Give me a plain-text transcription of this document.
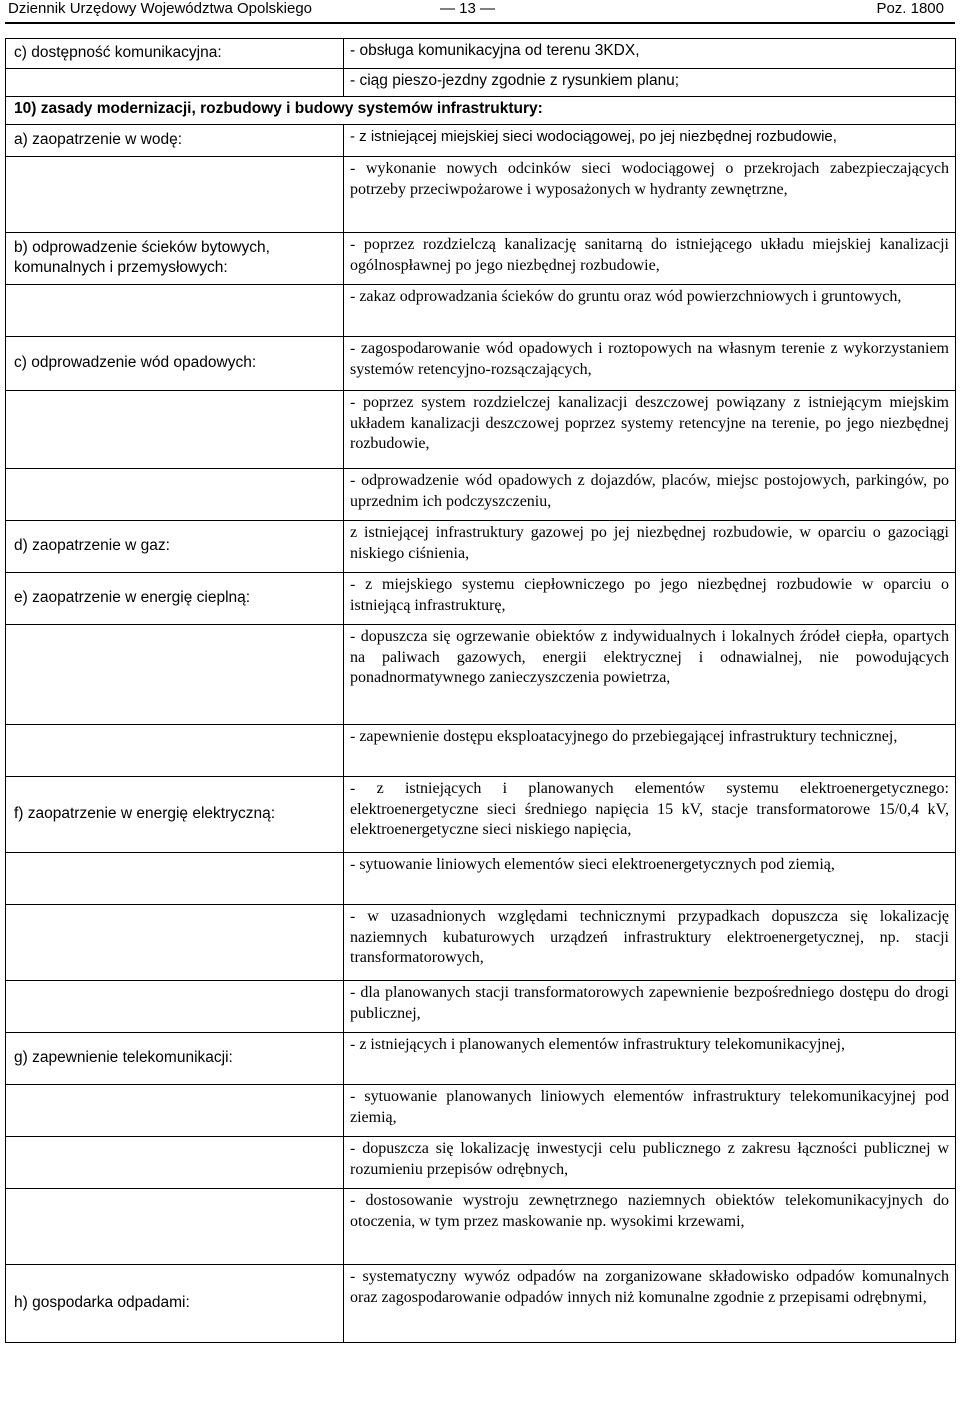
Dziennik Urzędowy Województwa Opolskiego	— 13 —	Poz. 1800
c) dostępność komunikacyjna:	- obsługa komunikacyjna od terenu 3KDX,
	- ciąg pieszo-jezdny zgodnie z rysunkiem planu;
10) zasady modernizacji, rozbudowy i budowy systemów infrastruktury:	
a) zaopatrzenie w wodę:	- z istniejącej miejskiej sieci wodociągowej, po jej niezbędnej rozbudowie,
	- wykonanie nowych odcinków sieci wodociągowej o przekrojach zabezpieczających potrzeby przeciwpożarowe i wyposażonych w hydranty zewnętrzne,
b) odprowadzenie ścieków bytowych, komunalnych i przemysłowych:	- poprzez rozdzielczą kanalizację sanitarną do istniejącego układu miejskiej kanalizacji ogólnospławnej po jego niezbędnej rozbudowie,
	- zakaz odprowadzania ścieków do gruntu oraz wód powierzchniowych i gruntowych,
c) odprowadzenie wód opadowych:	- zagospodarowanie wód opadowych i roztopowych na własnym terenie z wykorzystaniem systemów retencyjno-rozsączających,
	- poprzez system rozdzielczej kanalizacji deszczowej powiązany z istniejącym miejskim układem kanalizacji deszczowej poprzez systemy retencyjne na terenie, po jego niezbędnej rozbudowie,
	- odprowadzenie wód opadowych z dojazdów, placów, miejsc postojowych, parkingów, po uprzednim ich podczyszczeniu,
d) zaopatrzenie w gaz:	z istniejącej infrastruktury gazowej po jej niezbędnej rozbudowie, w oparciu o gazociągi niskiego ciśnienia,
e) zaopatrzenie w energię cieplną:	- z miejskiego systemu ciepłowniczego po jego niezbędnej rozbudowie w oparciu o istniejącą infrastrukturę,
	- dopuszcza się ogrzewanie obiektów z indywidualnych i lokalnych źródeł ciepła, opartych na paliwach gazowych, energii elektrycznej i odnawialnej, nie powodujących ponadnormatywnego zanieczyszczenia powietrza,
	- zapewnienie dostępu eksploatacyjnego do przebiegającej infrastruktury technicznej,
f) zaopatrzenie w energię elektryczną:	- z istniejących i planowanych elementów systemu elektroenergetycznego: elektroenergetyczne sieci średniego napięcia 15 kV, stacje transformatorowe 15/0,4 kV, elektroenergetyczne sieci niskiego napięcia,
	- sytuowanie liniowych elementów sieci elektroenergetycznych pod ziemią,
	- w uzasadnionych względami technicznymi przypadkach dopuszcza się lokalizację naziemnych kubaturowych urządzeń infrastruktury elektroenergetycznej, np. stacji transformatorowych,
	- dla planowanych stacji transformatorowych zapewnienie bezpośredniego dostępu do drogi publicznej,
g) zapewnienie telekomunikacji:	- z istniejących i planowanych elementów infrastruktury telekomunikacyjnej,
	- sytuowanie planowanych liniowych elementów infrastruktury telekomunikacyjnej pod ziemią,
	- dopuszcza się lokalizację inwestycji celu publicznego z zakresu łączności publicznej w rozumieniu przepisów odrębnych,
	- dostosowanie wystroju zewnętrznego naziemnych obiektów telekomunikacyjnych do otoczenia, w tym przez maskowanie np. wysokimi krzewami,
h) gospodarka odpadami:	- systematyczny wywóz odpadów na zorganizowane składowisko odpadów komunalnych oraz zagospodarowanie odpadów innych niż komunalne zgodnie z przepisami odrębnymi,
